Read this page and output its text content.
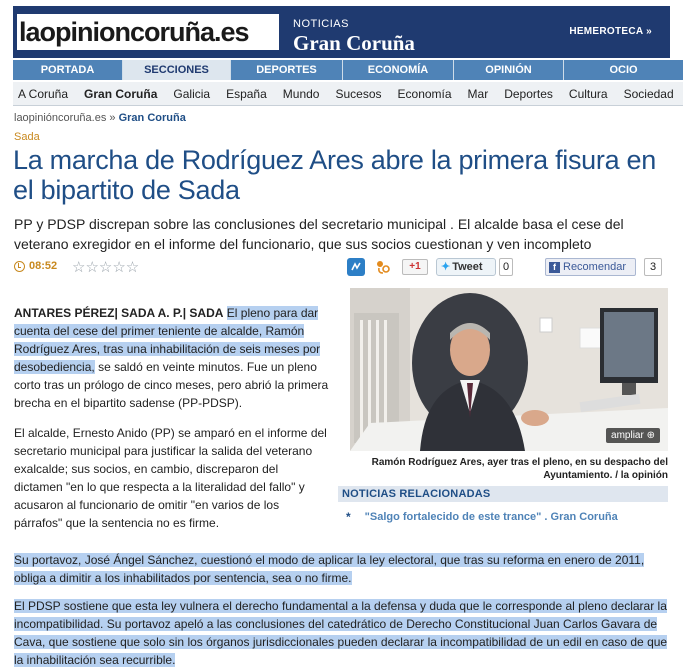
laopinion coruña .es	NOTICIAS
Gran Coruña	HEMEROTECA »
PORTADA	SECCIONES	DEPORTES	ECONOMÍA	OPINIÓN	OCIO
A Coruña Gran Coruña Galicia España Mundo Sucesos Economía Mar Deportes Cultura Sociedad
laopinióncoruña.es » Gran Coruña
Sada
La marcha de Rodríguez Ares abre la primera fisura en el bipartito de Sada
PP y PDSP discrepan sobre las conclusiones del secretario municipal . El alcalde basa el cese del veterano exregidor en el informe del funcionario, que sus socios cuestionan y ven incompleto
08:52 ☆☆☆☆☆	+1	✦ Tweet	0	f Recomendar	3

ANTARES PÉREZ| SADA A. P.| SADA El pleno para dar cuenta del cese del primer teniente de alcalde, Ramón Rodríguez Ares, tras una inhabilitación de seis meses por desobediencia, se saldó en veinte minutos. Fue un pleno corto tras un prólogo de cinco meses, pero abrió la primera brecha en el bipartito sadense (PP-PDSP).

El alcalde, Ernesto Anido (PP) se amparó en el informe del secretario municipal para justificar la salida del veterano exalcalde; sus socios, en cambio, discreparon del dictamen "en lo que respecta a la literalidad del fallo" y acusaron al funcionario de omitir "en varios de los párrafos" que la sentencia no es firme.

ampliar ⊕
Ramón Rodríguez Ares, ayer tras el pleno, en su despacho del Ayuntamiento. / la opinión
NOTICIAS RELACIONADAS
* "Salgo fortalecido de este trance" . Gran Coruña

Su portavoz, José Ángel Sánchez, cuestionó el modo de aplicar la ley electoral, que tras su reforma en enero de 2011, obliga a dimitir a los inhabilitados por sentencia, sea o no firme.

El PDSP sostiene que esta ley vulnera el derecho fundamental a la defensa y duda que le corresponde al pleno declarar la incompatibilidad. Su portavoz apeló a las conclusiones del catedrático de Derecho Constitucional Juan Carlos Gavara de Cava, que sostiene que solo sin los órganos jurisdiccionales pueden declarar la incompatibilidad de un edil en caso de que la inhabilitación sea recurrible.
